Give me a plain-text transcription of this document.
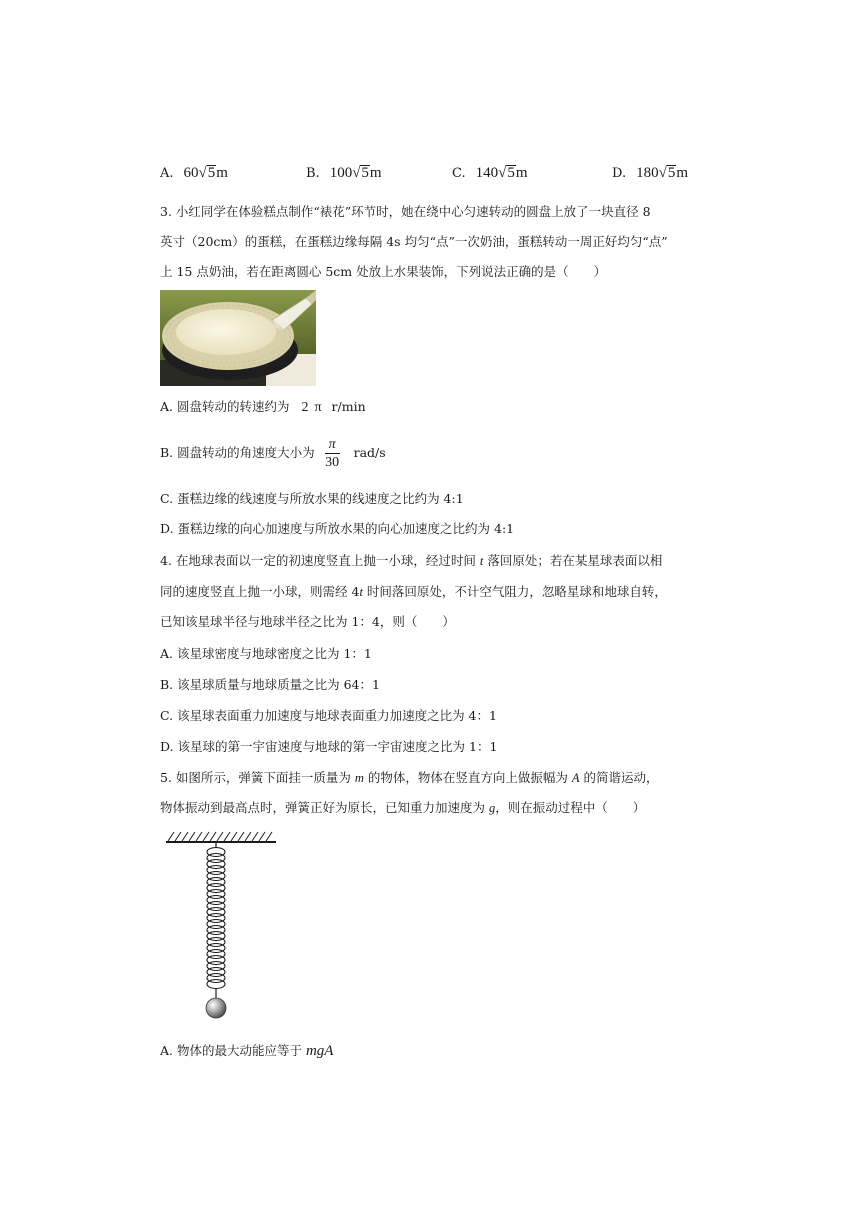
A. 60√5m	B. 100√5m	C. 140√5m	D. 180√5m
3. 小红同学在体验糕点制作“裱花”环节时，她在绕中心匀速转动的圆盘上放了一块直径 8
英寸（20cm）的蛋糕，在蛋糕边缘每隔 4s 均匀“点”一次奶油，蛋糕转动一周正好均匀“点”
上 15 点奶油，若在距离圆心 5cm 处放上水果装饰，下列说法正确的是（　　）
A. 圆盘转动的转速约为 2 π r/min
B. 圆盘转动的角速度大小为 $\frac{\pi}{30} rad/s$
C. 蛋糕边缘的线速度与所放水果的线速度之比约为 4:1
D. 蛋糕边缘的向心加速度与所放水果的向心加速度之比约为 4:1
4. 在地球表面以一定的初速度竖直上抛一小球，经过时间 t 落回原处；若在某星球表面以相
同的速度竖直上抛一小球，则需经 4t 时间落回原处，不计空气阻力，忽略星球和地球自转，
已知该星球半径与地球半径之比为 1：4，则（　　）
A. 该星球密度与地球密度之比为 1：1
B. 该星球质量与地球质量之比为 64：1
C. 该星球表面重力加速度与地球表面重力加速度之比为 4：1
D. 该星球的第一宇宙速度与地球的第一宇宙速度之比为 1：1
5. 如图所示，弹簧下面挂一质量为 m 的物体，物体在竖直方向上做振幅为 A 的简谐运动，
物体振动到最高点时，弹簧正好为原长，已知重力加速度为 g，则在振动过程中（　　）
A. 物体的最大动能应等于 mgA
